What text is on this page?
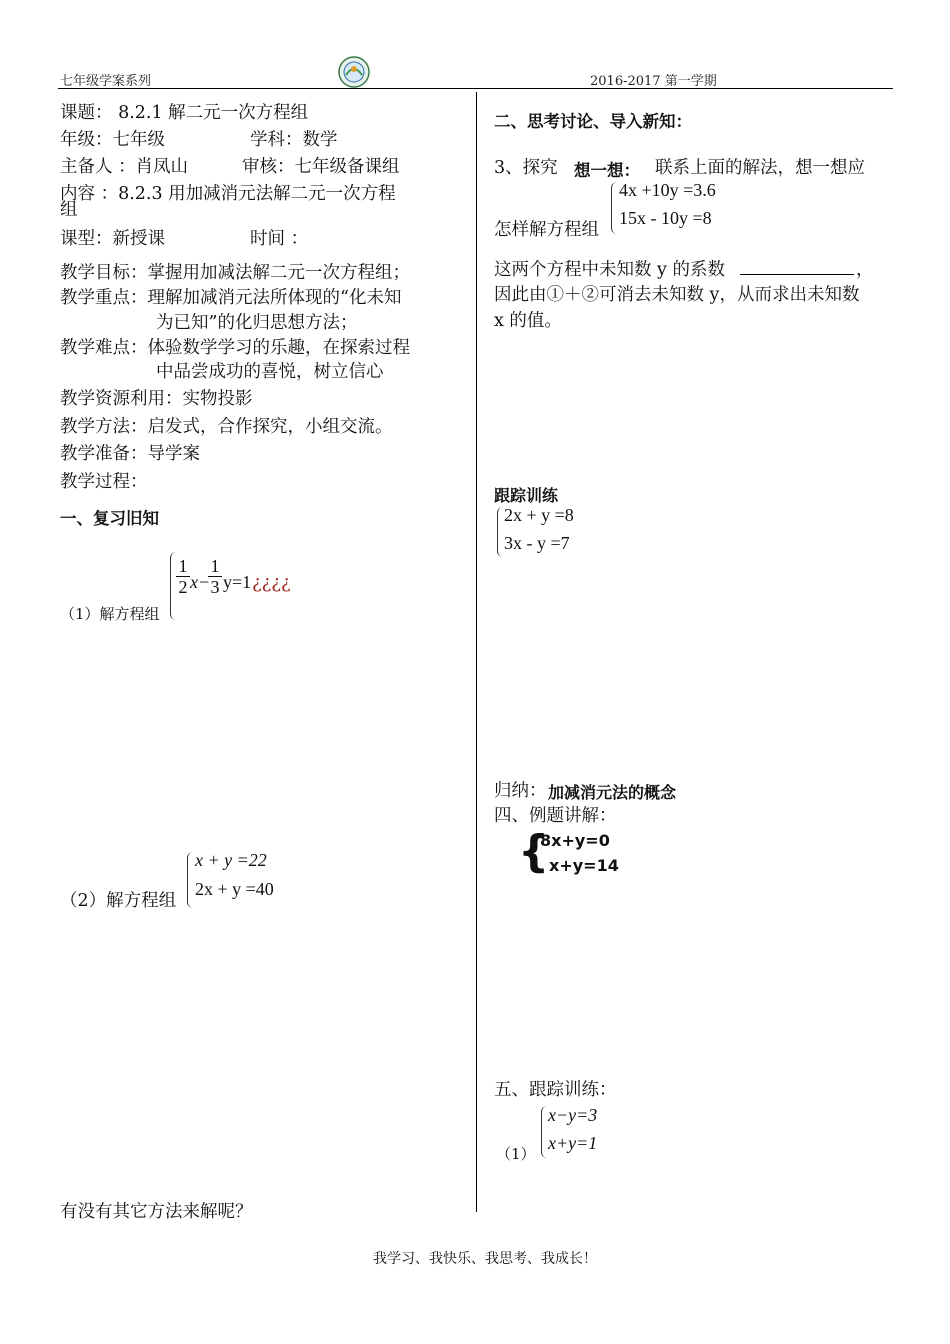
七年级学案系列	2016-2017 第一学期
课题： 8.2.1 解二元一次方程组
年级：七年级	学科：数学
主备人 ：肖凤山	审核：七年级备课组
内容 ：8.2.3 用加减消元法解二元一次方程
组
课型：新授课	时间 ：
教学目标：掌握用加减法解二元一次方程组；
教学重点：理解加减消元法所体现的“化未知
为已知”的化归思想方法；
教学难点：体验数学学习的乐趣，在探索过程
中品尝成功的喜悦，树立信心
教学资源利用：实物投影
教学方法：启发式，合作探究，小组交流。
教学准备：导学案
教学过程：
一、复习旧知
（1）解方程组
1
2 x −
1
3 y=1 ¿¿¿¿
（2）解方程组
x + y =22
2x + y =40
有没有其它方法来解呢？
二、思考讨论、导入新知：
3、探究 想一想： 联系上面的解法，想一想应
4x +10y =3.6
15x - 10y =8
怎样解方程组
这两个方程中未知数 y 的系数	，
因此由①＋②可消去未知数 y，从而求出未知数
x 的值。
跟踪训练
2x + y =8
3x - y =7
归纳： 加减消元法的概念
四、例题讲解：
{
8x+y=0
x+y=14
五、跟踪训练：
（1）
x−y=3
x+y=1
我学习、我快乐、我思考、我成长！
